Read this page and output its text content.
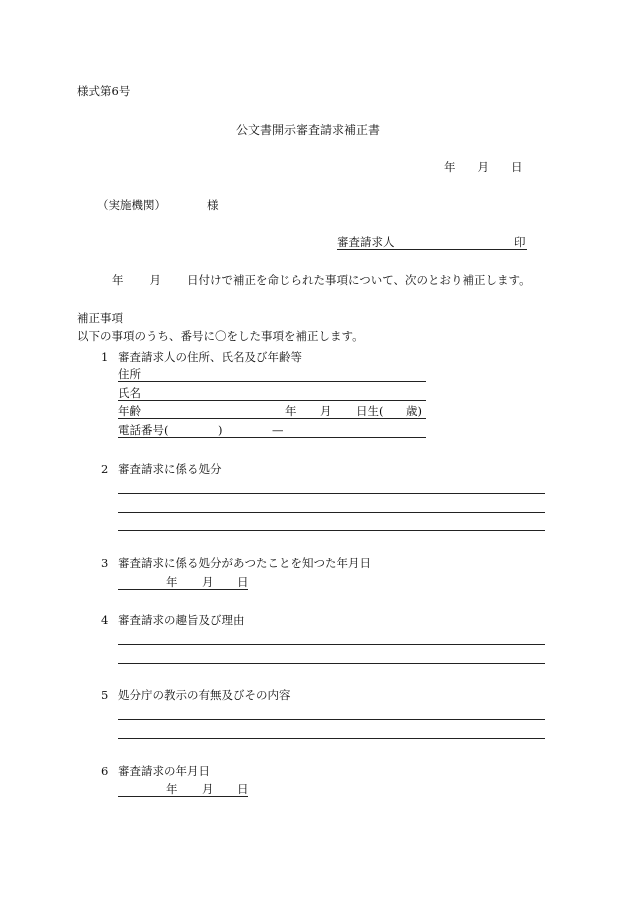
様式第6号
公文書開示審査請求補正書
年 月 日
（実施機関）	様
審査請求人	印
年 月 日付けで補正を命じられた事項について、次のとおり補正します。
補正事項
以下の事項のうち、番号に〇をした事項を補正します。
1 審査請求人の住所、氏名及び年齢等
住所
氏名
年齢	年 月 日生( 歳)
電話番号(	)	—
2 審査請求に係る処分
3 審査請求に係る処分があつたことを知つた年月日
年 月 日
4 審査請求の趣旨及び理由
5 処分庁の教示の有無及びその内容
6 審査請求の年月日
年 月 日
